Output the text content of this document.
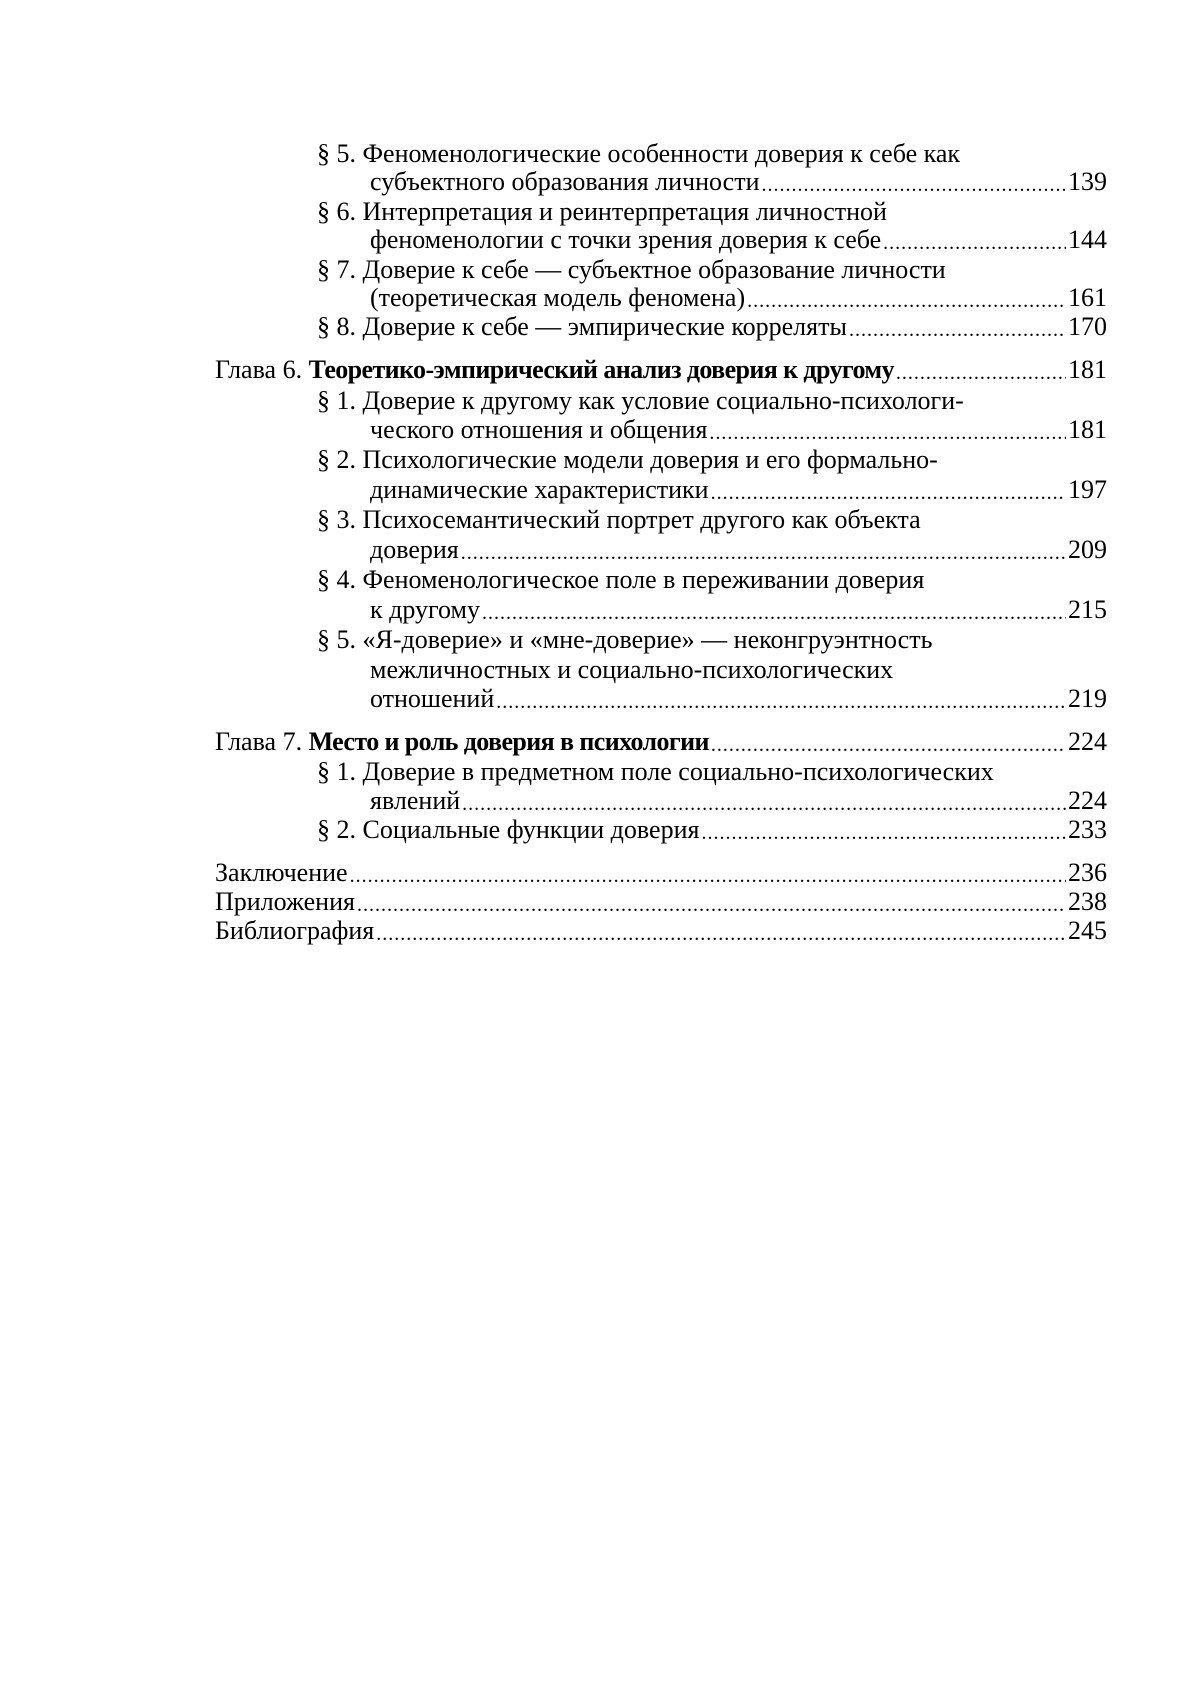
§ 5. Феноменологические особенности доверия к себе как
субъектного образования личности .....	139
§ 6. Интерпретация и реинтерпретация личностной
феноменологии с точки зрения доверия к себе .....	144
§ 7. Доверие к себе — субъектное образование личности
(теоретическая модель феномена) .....	161
§ 8. Доверие к себе — эмпирические корреляты .....	170
Глава 6. Теоретико-эмпирический анализ доверия к другому .....	181
§ 1. Доверие к другому как условие социально-психологи-
ческого отношения и общения .....	181
§ 2. Психологические модели доверия и его формально-
динамические характеристики .....	197
§ 3. Психосемантический портрет другого как объекта
доверия .....	209
§ 4. Феноменологическое поле в переживании доверия
к другому .....	215
§ 5. «Я-доверие» и «мне-доверие» — неконгруэнтность
межличностных и социально-психологических
отношений .....	219
Глава 7. Место и роль доверия в психологии .....	224
§ 1. Доверие в предметном поле социально-психологических
явлений .....	224
§ 2. Социальные функции доверия .....	233
Заключение .....	236
Приложения .....	238
Библиография .....	245
